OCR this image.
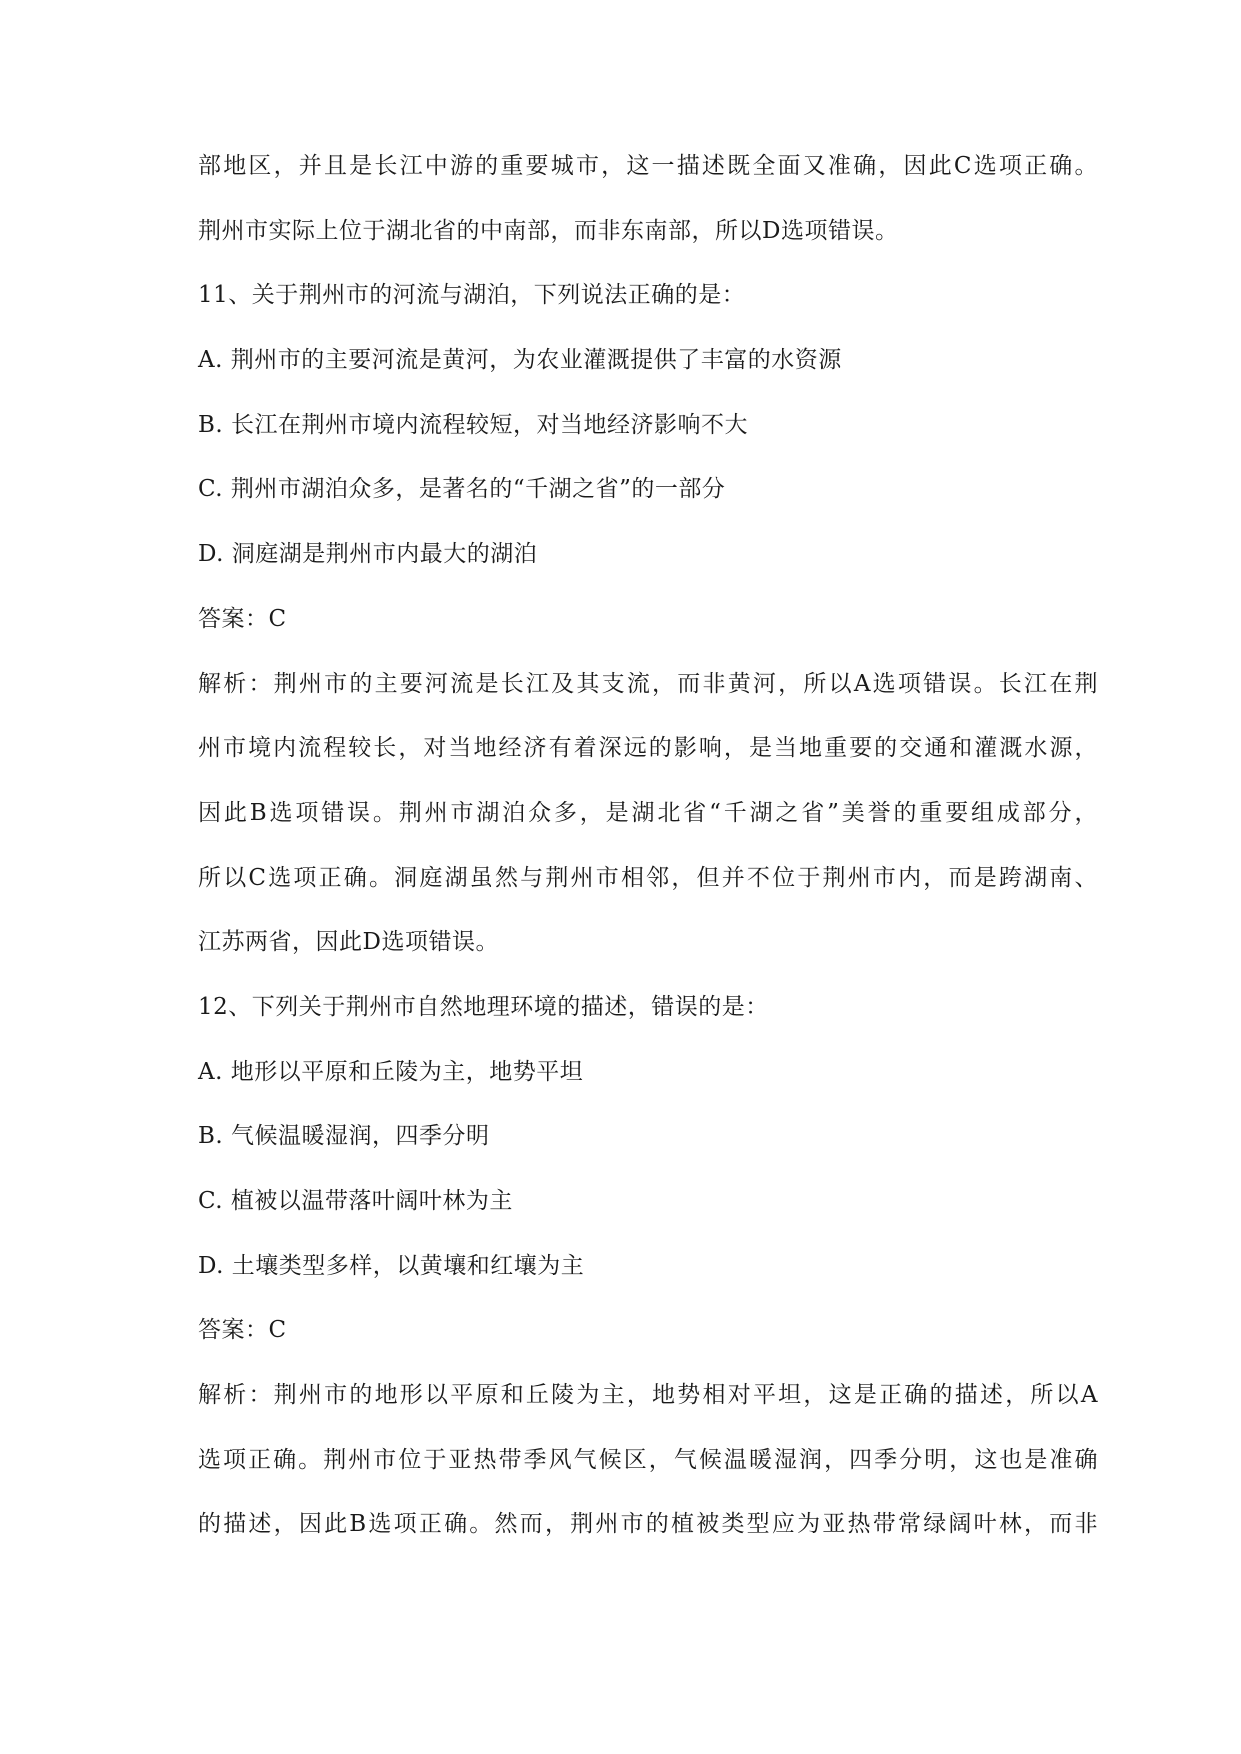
部地区，并且是长江中游的重要城市，这一描述既全面又准确，因此C选项正确。
荆州市实际上位于湖北省的中南部，而非东南部，所以D选项错误。
11、关于荆州市的河流与湖泊，下列说法正确的是：
A. 荆州市的主要河流是黄河，为农业灌溉提供了丰富的水资源
B. 长江在荆州市境内流程较短，对当地经济影响不大
C. 荆州市湖泊众多，是著名的“千湖之省”的一部分
D. 洞庭湖是荆州市内最大的湖泊
答案：C
解析：荆州市的主要河流是长江及其支流，而非黄河，所以A选项错误。长江在荆
州市境内流程较长，对当地经济有着深远的影响，是当地重要的交通和灌溉水源，
因此B选项错误。荆州市湖泊众多，是湖北省“千湖之省”美誉的重要组成部分，
所以C选项正确。洞庭湖虽然与荆州市相邻，但并不位于荆州市内，而是跨湖南、
江苏两省，因此D选项错误。
12、下列关于荆州市自然地理环境的描述，错误的是：
A. 地形以平原和丘陵为主，地势平坦
B. 气候温暖湿润，四季分明
C. 植被以温带落叶阔叶林为主
D. 土壤类型多样，以黄壤和红壤为主
答案：C
解析：荆州市的地形以平原和丘陵为主，地势相对平坦，这是正确的描述，所以A
选项正确。荆州市位于亚热带季风气候区，气候温暖湿润，四季分明，这也是准确
的描述，因此B选项正确。然而，荆州市的植被类型应为亚热带常绿阔叶林，而非
